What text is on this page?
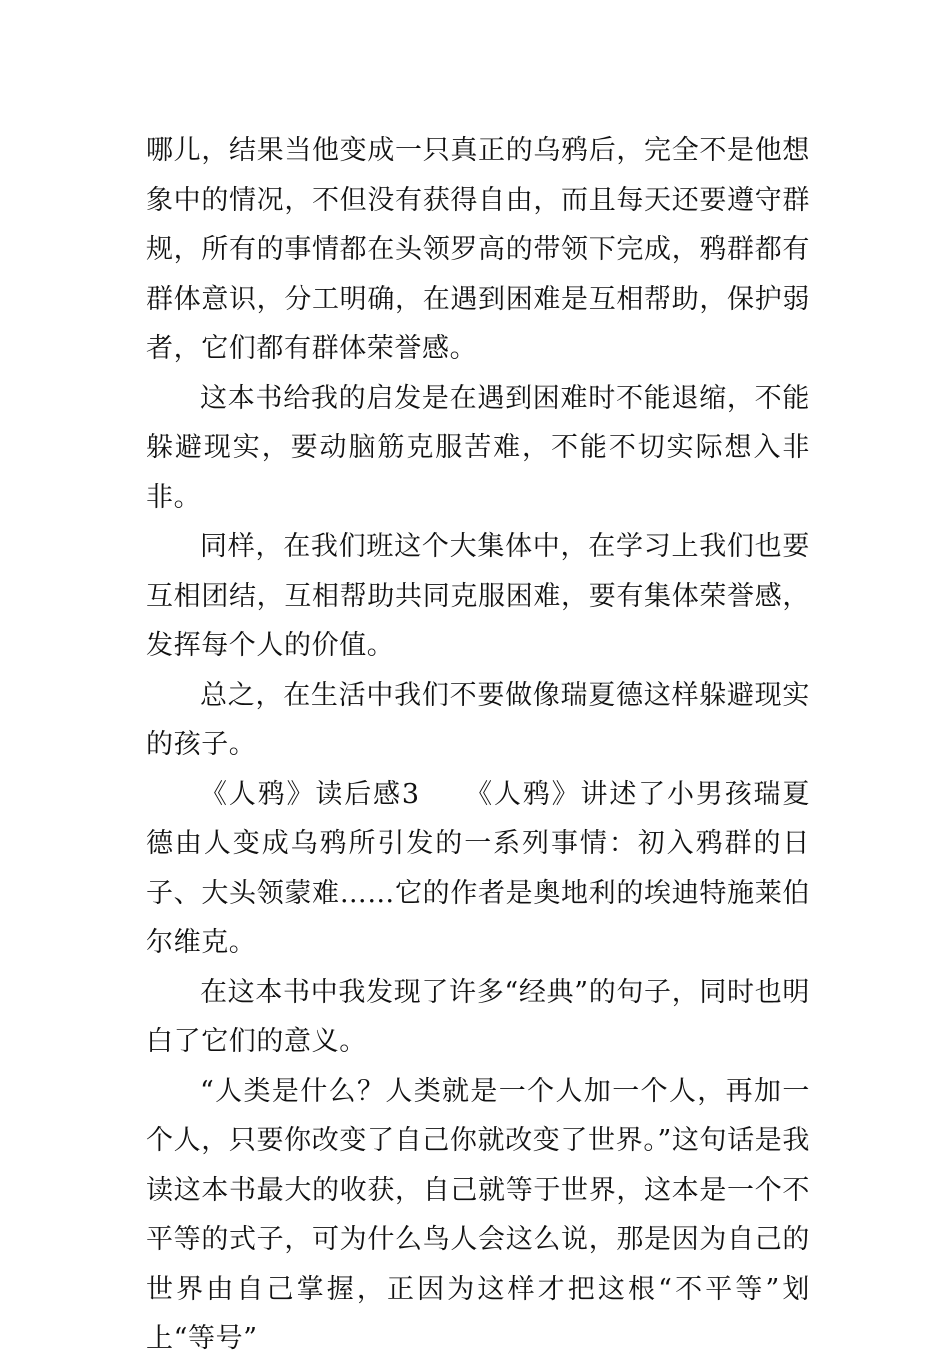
哪儿，结果当他变成一只真正的乌鸦后，完全不是他想象中的情况，不但没有获得自由，而且每天还要遵守群规，所有的事情都在头领罗高的带领下完成，鸦群都有群体意识，分工明确，在遇到困难是互相帮助，保护弱者，它们都有群体荣誉感。

这本书给我的启发是在遇到困难时不能退缩，不能躲避现实，要动脑筋克服苦难，不能不切实际想入非非。

同样，在我们班这个大集体中，在学习上我们也要互相团结，互相帮助共同克服困难，要有集体荣誉感，发挥每个人的价值。

总之，在生活中我们不要做像瑞夏德这样躲避现实的孩子。

《人鸦》读后感3　　《人鸦》讲述了小男孩瑞夏德由人变成乌鸦所引发的一系列事情：初入鸦群的日子、大头领蒙难……它的作者是奥地利的埃迪特施莱伯尔维克。

在这本书中我发现了许多“经典”的句子，同时也明白了它们的意义。

“人类是什么？人类就是一个人加一个人，再加一个人，只要你改变了自己你就改变了世界。”这句话是我读这本书最大的收获，自己就等于世界，这本是一个不平等的式子，可为什么鸟人会这么说，那是因为自己的世界由自己掌握，正因为这样才把这根“不平等”划上“等号”
